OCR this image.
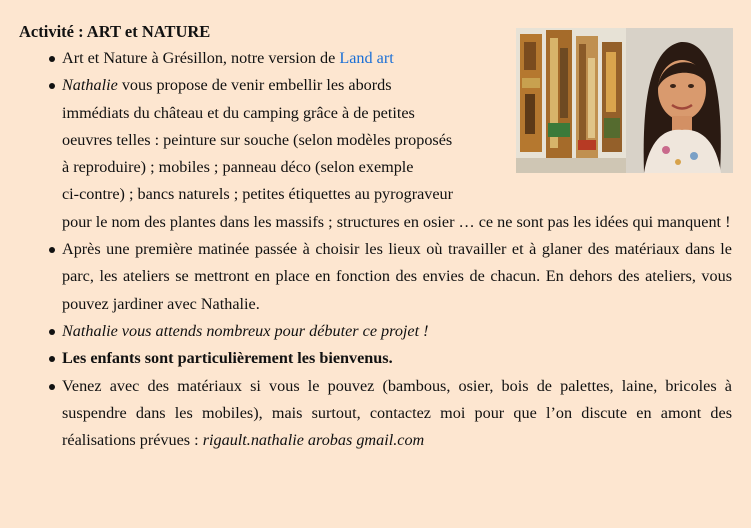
Activité : ART et NATURE
Art et Nature à Grésillon, notre version de Land art
Nathalie vous propose de venir embellir les abords
immédiats du château et du camping grâce à de petites
oeuvres telles : peinture sur souche (selon modèles proposés
à reproduire) ; mobiles ; panneau déco (selon exemple
ci-contre) ; bancs naturels ; petites étiquettes au pyrograveur
pour le nom des plantes dans les massifs ; structures en osier … ce ne sont pas les idées qui manquent !
Après une première matinée passée à choisir les lieux où travailler et à glaner des matériaux dans le parc, les ateliers se mettront en place en fonction des envies de chacun. En dehors des ateliers, vous pouvez jardiner avec Nathalie.
Nathalie vous attends nombreux pour débuter ce projet !
Les enfants sont particulièrement les bienvenus.
Venez avec des matériaux si vous le pouvez (bambous, osier, bois de palettes, laine, bricoles à suspendre dans les mobiles), mais surtout, contactez moi pour que l’on discute en amont des réalisations prévues : rigault.nathalie arobas gmail.com
